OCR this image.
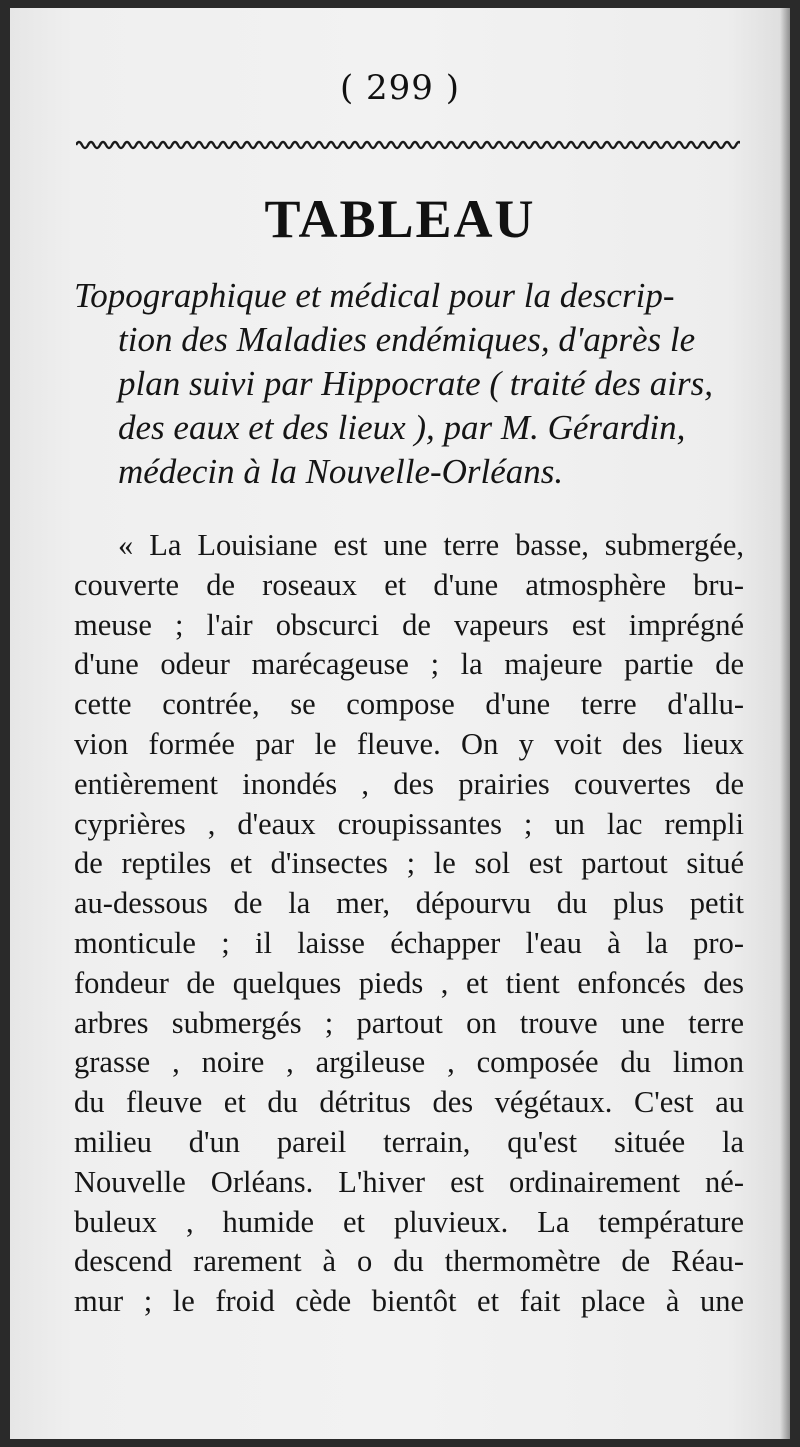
( 299 )
TABLEAU
Topographique et médical pour la descrip-
tion des Maladies endémiques, d'après le
plan suivi par Hippocrate ( traité des airs,
des eaux et des lieux ), par M. Gérardin,
médecin à la Nouvelle-Orléans.
« La Louisiane est une terre basse, submergée,
couverte de roseaux et d'une atmosphère bru-
meuse ; l'air obscurci de vapeurs est imprégné
d'une odeur marécageuse ; la majeure partie de
cette contrée, se compose d'une terre d'allu-
vion formée par le fleuve. On y voit des lieux
entièrement inondés , des prairies couvertes de
cyprières , d'eaux croupissantes ; un lac rempli
de reptiles et d'insectes ; le sol est partout situé
au-dessous de la mer, dépourvu du plus petit
monticule ; il laisse échapper l'eau à la pro-
fondeur de quelques pieds , et tient enfoncés des
arbres submergés ; partout on trouve une terre
grasse , noire , argileuse , composée du limon
du fleuve et du détritus des végétaux. C'est au
milieu d'un pareil terrain, qu'est située la
Nouvelle Orléans. L'hiver est ordinairement né-
buleux , humide et pluvieux. La température
descend rarement à o du thermomètre de Réau-
mur ; le froid cède bientôt et fait place à une
